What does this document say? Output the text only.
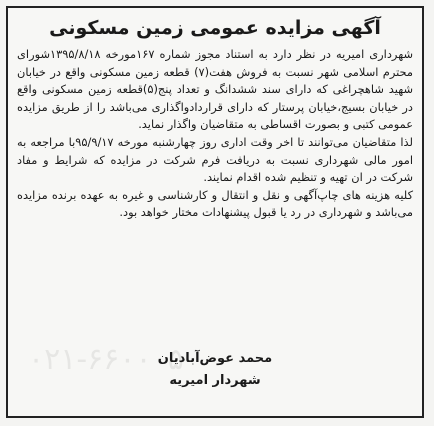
آگهی مزایده عمومی زمین مسکونی

شهرداری امیریه در نظر دارد به استناد مجوز شماره ۱۶۷مورخه ۱۳۹۵/۸/۱۸شورای محترم اسلامی شهر نسبت به فروش هفت(۷) قطعه زمین مسکونی واقع در خیابان شهید شاهچراغی که دارای سند ششدانگ و تعداد پنج(۵)قطعه زمین مسکونی واقع در خیابان بسیج،خیابان پرستار که دارای قراردادواگذاری می‌باشد را از طریق مزایده عمومی کتبی و بصورت اقساطی به متقاضیان واگذار نماید.

لذا متقاضیان می‌توانند تا اخر وقت اداری روز چهارشنبه مورخه ۹۵/۹/۱۷با مراجعه به امور مالی شهرداری نسبت به دریافت فرم شرکت در مزایده که شرایط و مفاد شرکت در ان تهیه و تنظیم شده اقدام نمایند.

کلیه هزینه های چاپ‌آگهی و نقل و انتقال و کارشناسی و غیره به عهده برنده مزایده می‌باشد و شهرداری در رد یا قبول پیشنهادات مختار خواهد بود.

۰۲۱-۶۶۰۰۰۵
محمد عوض‌آبادیان
شهردار امیریه
